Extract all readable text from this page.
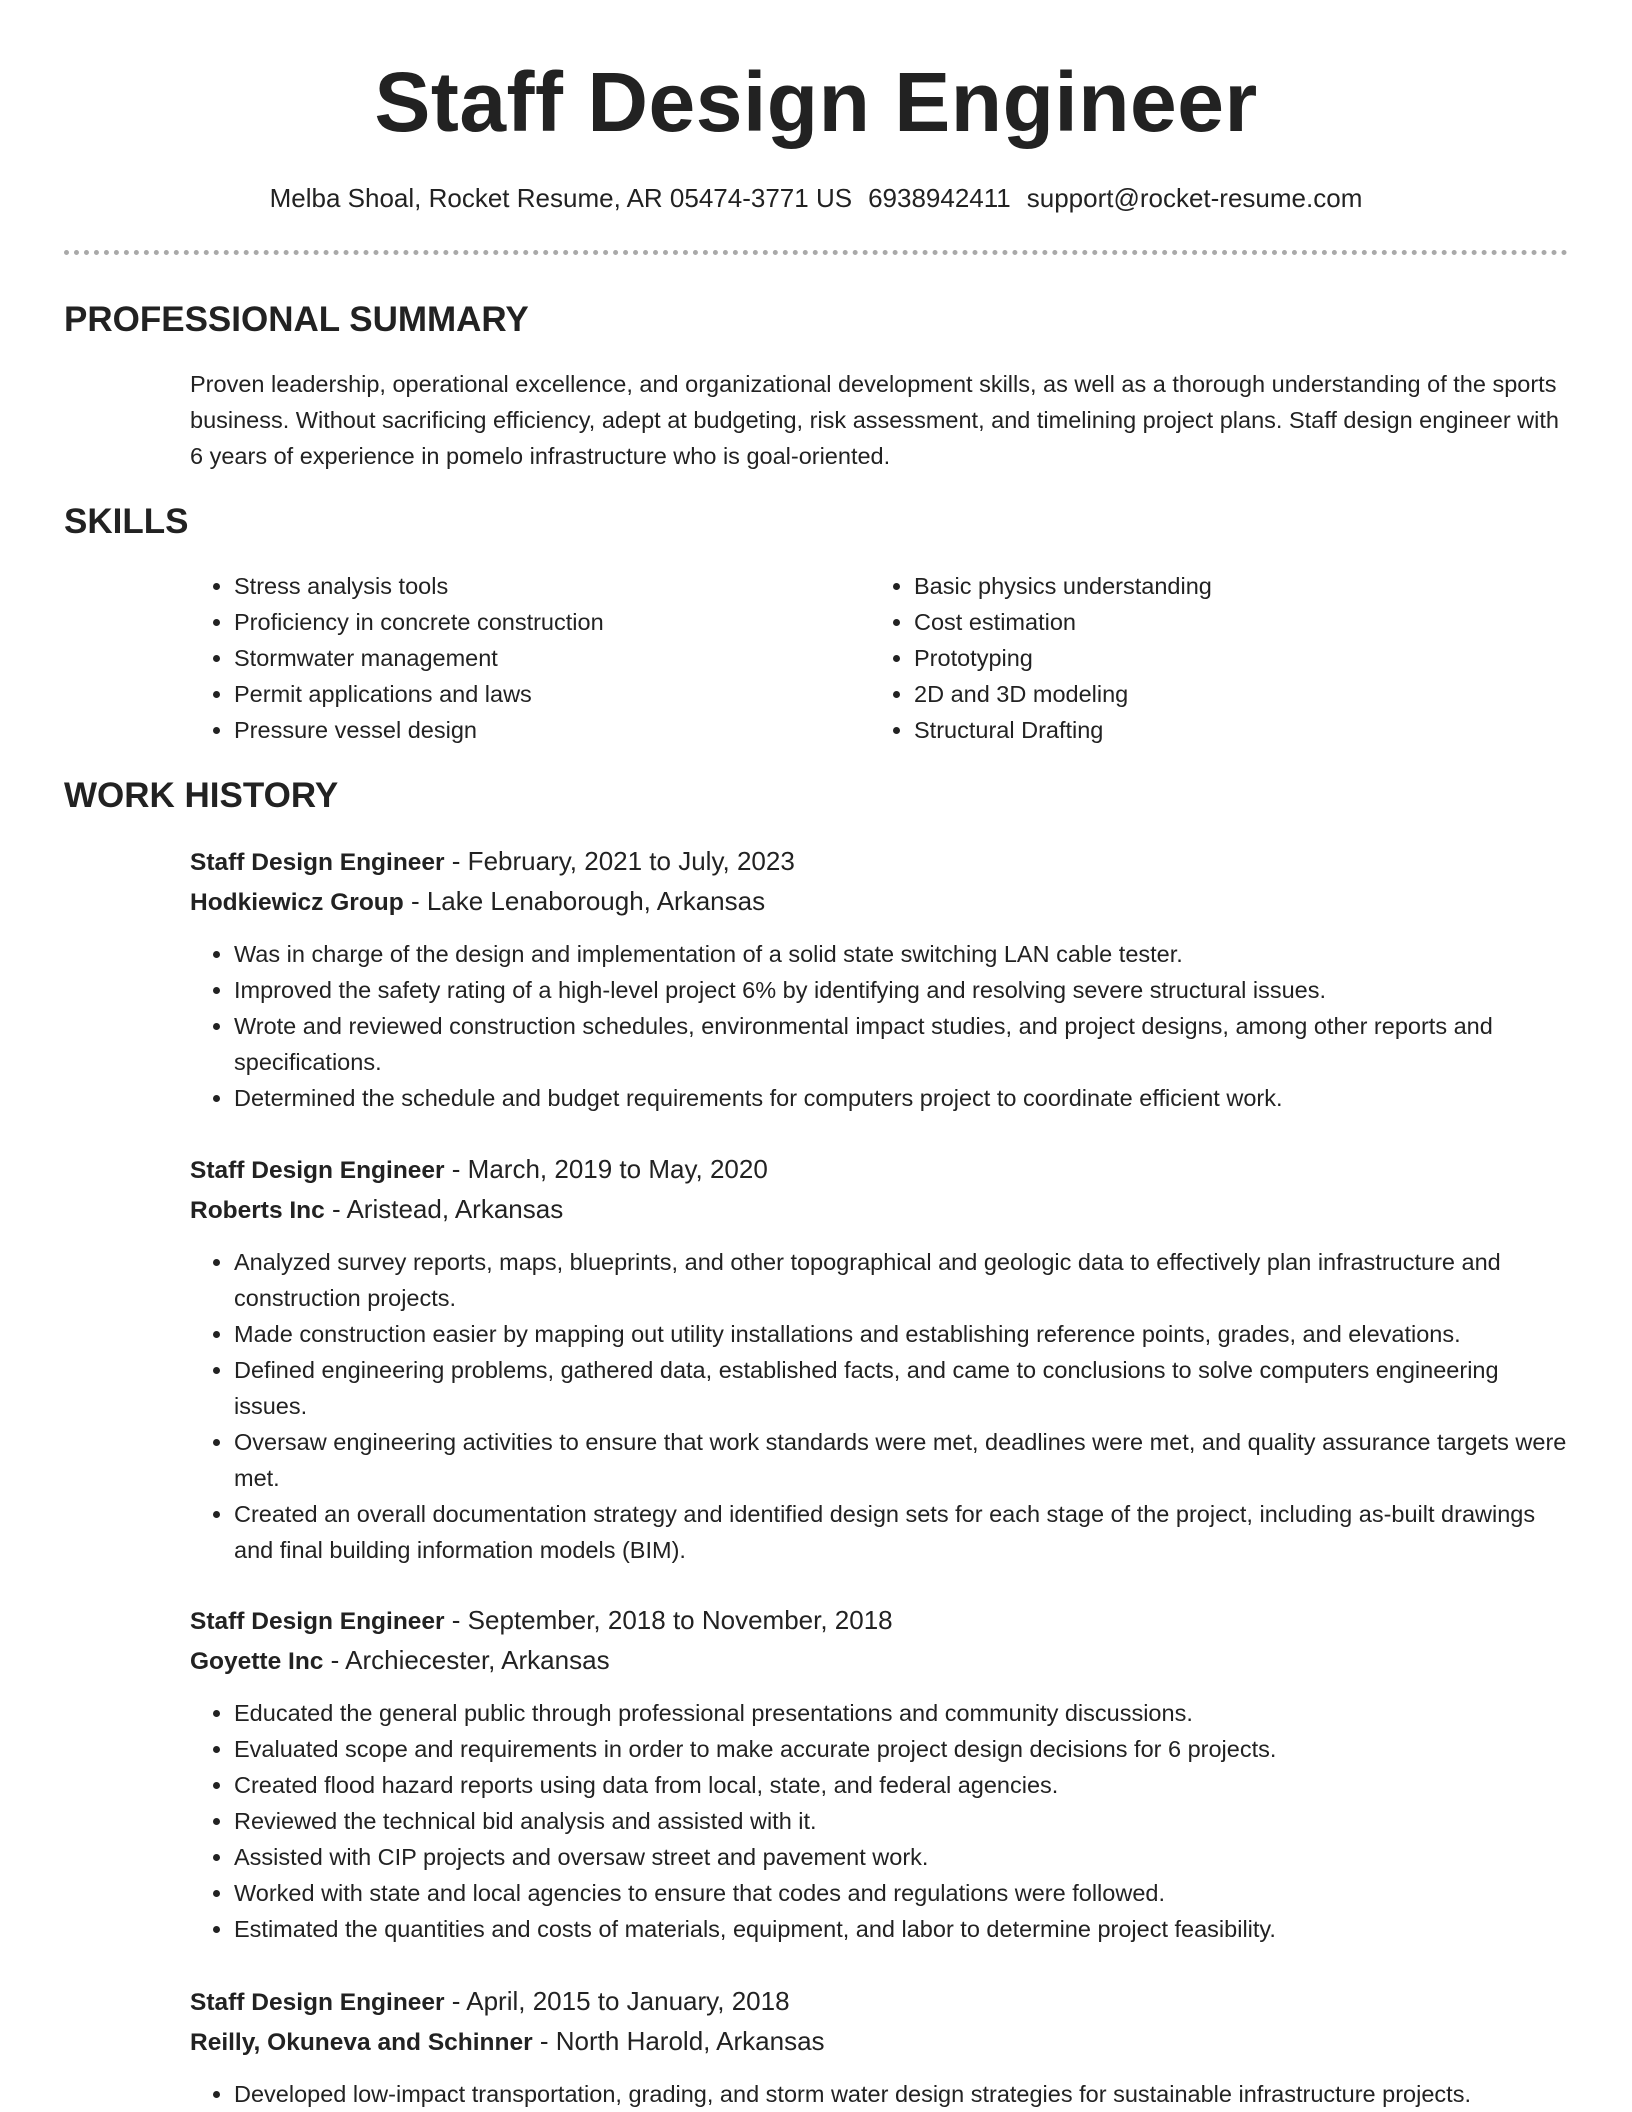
Staff Design Engineer
Melba Shoal, Rocket Resume, AR 05474-3771 US 6938942411 support@rocket-resume.com
PROFESSIONAL SUMMARY
Proven leadership, operational excellence, and organizational development skills, as well as a thorough understanding of the sports business. Without sacrificing efficiency, adept at budgeting, risk assessment, and timelining project plans. Staff design engineer with 6 years of experience in pomelo infrastructure who is goal-oriented.
SKILLS
• Stress analysis tools
• Proficiency in concrete construction
• Stormwater management
• Permit applications and laws
• Pressure vessel design
• Basic physics understanding
• Cost estimation
• Prototyping
• 2D and 3D modeling
• Structural Drafting
WORK HISTORY
Staff Design Engineer - February, 2021 to July, 2023
Hodkiewicz Group - Lake Lenaborough, Arkansas
• Was in charge of the design and implementation of a solid state switching LAN cable tester.
• Improved the safety rating of a high-level project 6% by identifying and resolving severe structural issues.
• Wrote and reviewed construction schedules, environmental impact studies, and project designs, among other reports and specifications.
• Determined the schedule and budget requirements for computers project to coordinate efficient work.
Staff Design Engineer - March, 2019 to May, 2020
Roberts Inc - Aristead, Arkansas
• Analyzed survey reports, maps, blueprints, and other topographical and geologic data to effectively plan infrastructure and construction projects.
• Made construction easier by mapping out utility installations and establishing reference points, grades, and elevations.
• Defined engineering problems, gathered data, established facts, and came to conclusions to solve computers engineering issues.
• Oversaw engineering activities to ensure that work standards were met, deadlines were met, and quality assurance targets were met.
• Created an overall documentation strategy and identified design sets for each stage of the project, including as-built drawings and final building information models (BIM).
Staff Design Engineer - September, 2018 to November, 2018
Goyette Inc - Archiecester, Arkansas
• Educated the general public through professional presentations and community discussions.
• Evaluated scope and requirements in order to make accurate project design decisions for 6 projects.
• Created flood hazard reports using data from local, state, and federal agencies.
• Reviewed the technical bid analysis and assisted with it.
• Assisted with CIP projects and oversaw street and pavement work.
• Worked with state and local agencies to ensure that codes and regulations were followed.
• Estimated the quantities and costs of materials, equipment, and labor to determine project feasibility.
Staff Design Engineer - April, 2015 to January, 2018
Reilly, Okuneva and Schinner - North Harold, Arkansas
• Developed low-impact transportation, grading, and storm water design strategies for sustainable infrastructure projects.
